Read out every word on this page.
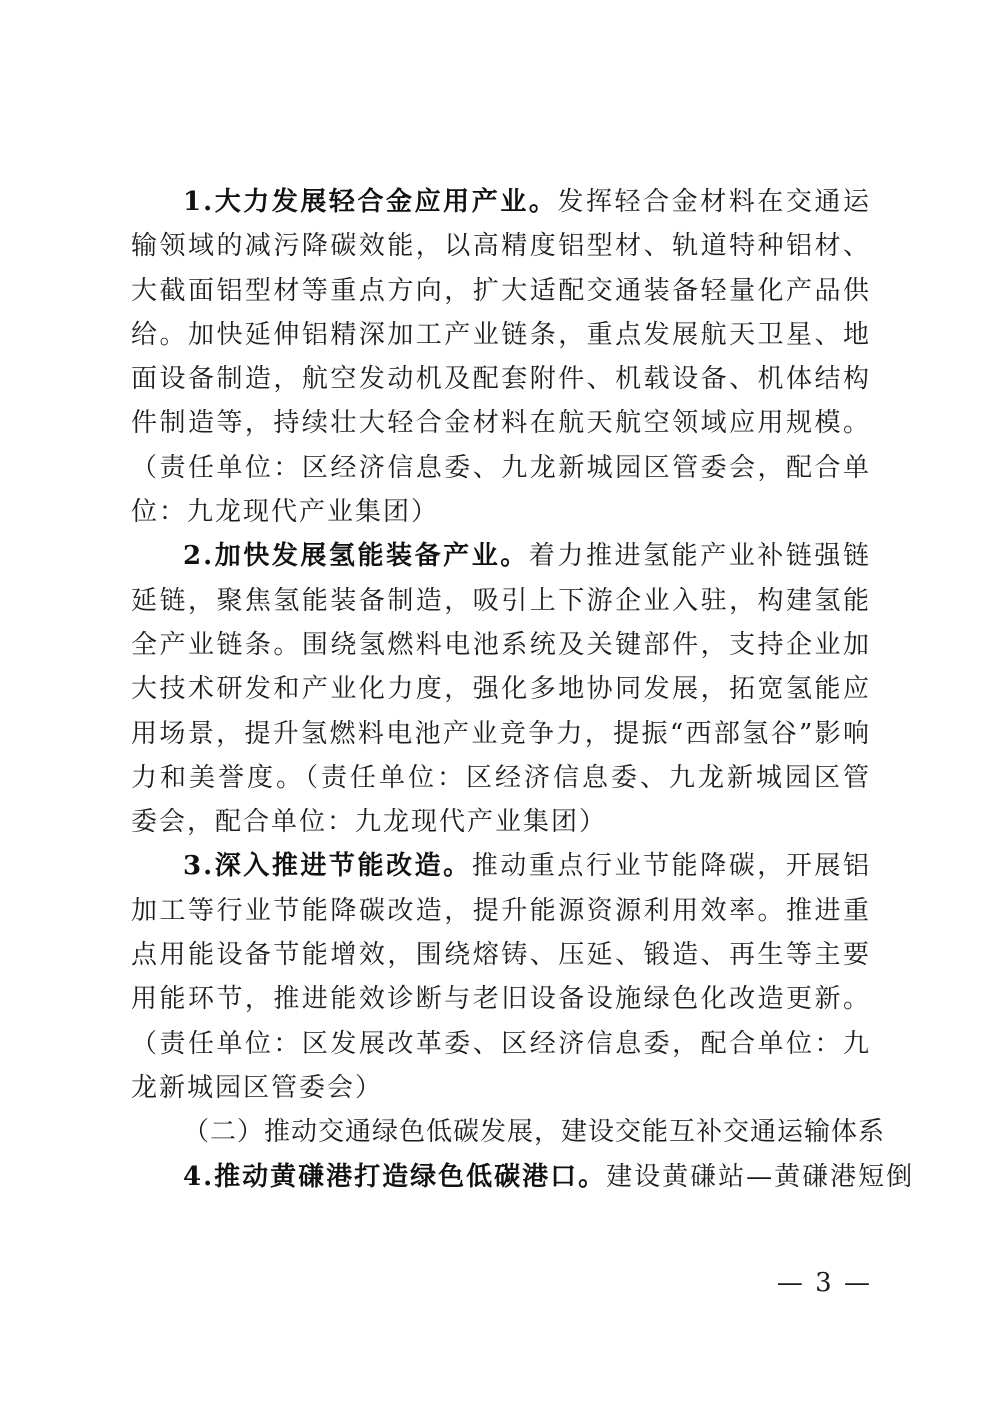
1.大力发展轻合金应用产业。发挥轻合金材料在交通运输领域的减污降碳效能，以高精度铝型材、轨道特种铝材、大截面铝型材等重点方向，扩大适配交通装备轻量化产品供给。加快延伸铝精深加工产业链条，重点发展航天卫星、地面设备制造，航空发动机及配套附件、机载设备、机体结构件制造等，持续壮大轻合金材料在航天航空领域应用规模。（责任单位：区经济信息委、九龙新城园区管委会，配合单位：九龙现代产业集团）

2.加快发展氢能装备产业。着力推进氢能产业补链强链延链，聚焦氢能装备制造，吸引上下游企业入驻，构建氢能全产业链条。围绕氢燃料电池系统及关键部件，支持企业加大技术研发和产业化力度，强化多地协同发展，拓宽氢能应用场景，提升氢燃料电池产业竞争力，提振“西部氢谷”影响力和美誉度。（责任单位：区经济信息委、九龙新城园区管委会，配合单位：九龙现代产业集团）

3.深入推进节能改造。推动重点行业节能降碳，开展铝加工等行业节能降碳改造，提升能源资源利用效率。推进重点用能设备节能增效，围绕熔铸、压延、锻造、再生等主要用能环节，推进能效诊断与老旧设备设施绿色化改造更新。（责任单位：区发展改革委、区经济信息委，配合单位：九龙新城园区管委会）

（二）推动交通绿色低碳发展，建设交能互补交通运输体系

4.推动黄磏港打造绿色低碳港口。建设黄磏站—黄磏港短倒

— 3 —
